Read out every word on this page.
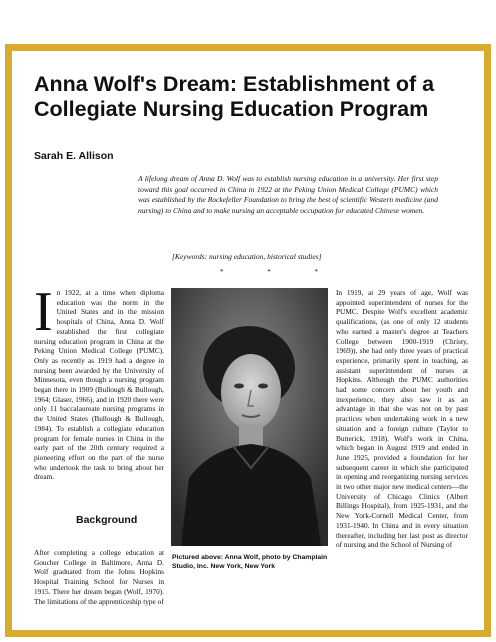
Anna Wolf's Dream: Establishment of a Collegiate Nursing Education Program
Sarah E. Allison

A lifelong dream of Anna D. Wolf was to establish nursing education in a university. Her first step toward this goal occurred in China in 1922 at the Peking Union Medical College (PUMC) which was established by the Rockefeller Foundation to bring the best of scientific Western medicine (and nursing) to China and to make nursing an acceptable occupation for educated Chinese women.

[Keywords: nursing education, historical studies]

* * *
I n 1922, at a time when diploma education was the norm in the United States and in the mission hospitals of China, Anna D. Wolf established the first collegiate nursing education program in China at the Peking Union Medical College (PUMC). Only as recently as 1919 had a degree in nursing been awarded by the University of Minnesota, even though a nursing program began there in 1909 (Bullough & Bullough, 1964; Glaser, 1966), and in 1920 there were only 11 baccalaureate nursing programs in the United States (Bullough & Bullough, 1984). To establish a collegiate education program for female nurses in China in the early part of the 20th century required a pioneering effort on the part of the nurse who undertook the task to bring about her dream.
Background
After completing a college education at Goucher College in Baltimore, Anna D. Wolf graduated from the Johns Hopkins Hospital Training School for Nurses in 1915. There her dream began (Wolf, 1970). The limitations of the apprenticeship type of

Pictured above: Anna Wolf, photo by Champlain Studio, Inc. New York, New York

In 1919, at 29 years of age, Wolf was appointed superintendent of nurses for the PUMC. Despite Wolf's excellent academic qualifications, (as one of only 12 students who earned a master's degree at Teachers College between 1900-1919 (Christy, 1969)), she had only three years of practical experience, primarily spent in teaching, as assistant superintendent of nurses at Hopkins. Although the PUMC authorities had some concern about her youth and inexperience, they also saw it as an advantage in that she was not on by past practices when undertaking work in a new situation and a foreign culture (Taylor to Butterick, 1918). Wolf's work in China, which began in August 1919 and ended in June 1925, provided a foundation for her subsequent career in which she participated in opening and reorganizing nursing services in two other major new medical centers—the University of Chicago Clinics (Albert Billings Hospital), from 1925-1931, and the New York-Cornell Medical Center, from 1931-1940. In China and in every situation thereafter, including her last post as director of nursing and the School of Nursing of
